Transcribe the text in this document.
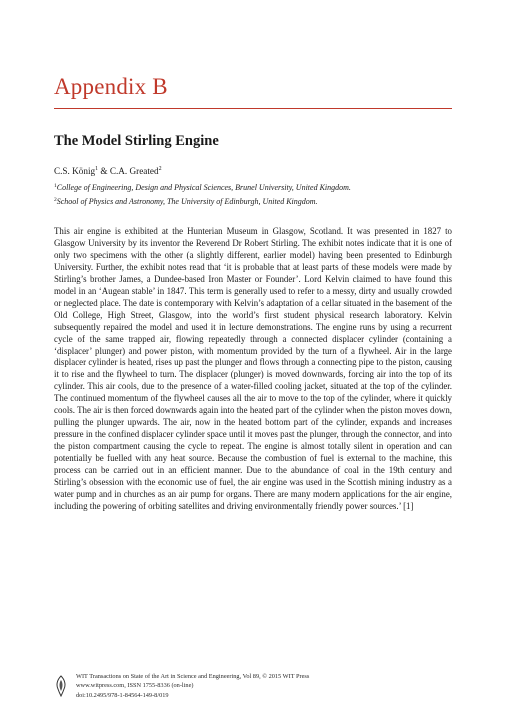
Appendix B
The Model Stirling Engine
C.S. König$^1$ & C.A. Greated$^2$
$^1$College of Engineering, Design and Physical Sciences, Brunel University, United Kingdom.
$^2$School of Physics and Astronomy, The University of Edinburgh, United Kingdom.

This air engine is exhibited at the Hunterian Museum in Glasgow, Scotland. It was presented in 1827 to Glasgow University by its inventor the Reverend Dr Robert Stirling. The exhibit notes indicate that it is one of only two specimens with the other (a slightly different, earlier model) having been presented to Edinburgh University. Further, the exhibit notes read that ‘it is probable that at least parts of these models were made by Stirling’s brother James, a Dundee-based Iron Master or Founder’. Lord Kelvin claimed to have found this model in an ‘Augean stable’ in 1847. This term is generally used to refer to a messy, dirty and usually crowded or neglected place. The date is contemporary with Kelvin’s adaptation of a cellar situated in the basement of the Old College, High Street, Glasgow, into the world’s first student physical research laboratory. Kelvin subsequently repaired the model and used it in lecture demonstrations. The engine runs by using a recurrent cycle of the same trapped air, flowing repeatedly through a connected displacer cylinder (containing a ‘displacer’ plunger) and power piston, with momentum provided by the turn of a flywheel. Air in the large displacer cylinder is heated, rises up past the plunger and flows through a connecting pipe to the piston, causing it to rise and the flywheel to turn. The displacer (plunger) is moved downwards, forcing air into the top of its cylinder. This air cools, due to the presence of a water-filled cooling jacket, situated at the top of the cylinder. The continued momentum of the flywheel causes all the air to move to the top of the cylinder, where it quickly cools. The air is then forced downwards again into the heated part of the cylinder when the piston moves down, pulling the plunger upwards. The air, now in the heated bottom part of the cylinder, expands and increases pressure in the confined displacer cylinder space until it moves past the plunger, through the connector, and into the piston compartment causing the cycle to repeat. The engine is almost totally silent in operation and can potentially be fuelled with any heat source. Because the combustion of fuel is external to the machine, this process can be carried out in an efficient manner. Due to the abundance of coal in the 19th century and Stirling’s obsession with the economic use of fuel, the air engine was used in the Scottish mining industry as a water pump and in churches as an air pump for organs. There are many modern applications for the air engine, including the powering of orbiting satellites and driving environmentally friendly power sources.’ [1]

WIT Transactions on State of the Art in Science and Engineering, Vol 89, © 2015 WIT Press
www.witpress.com, ISSN 1755-8336 (on-line)
doi:10.2495/978-1-84564-149-8/019
